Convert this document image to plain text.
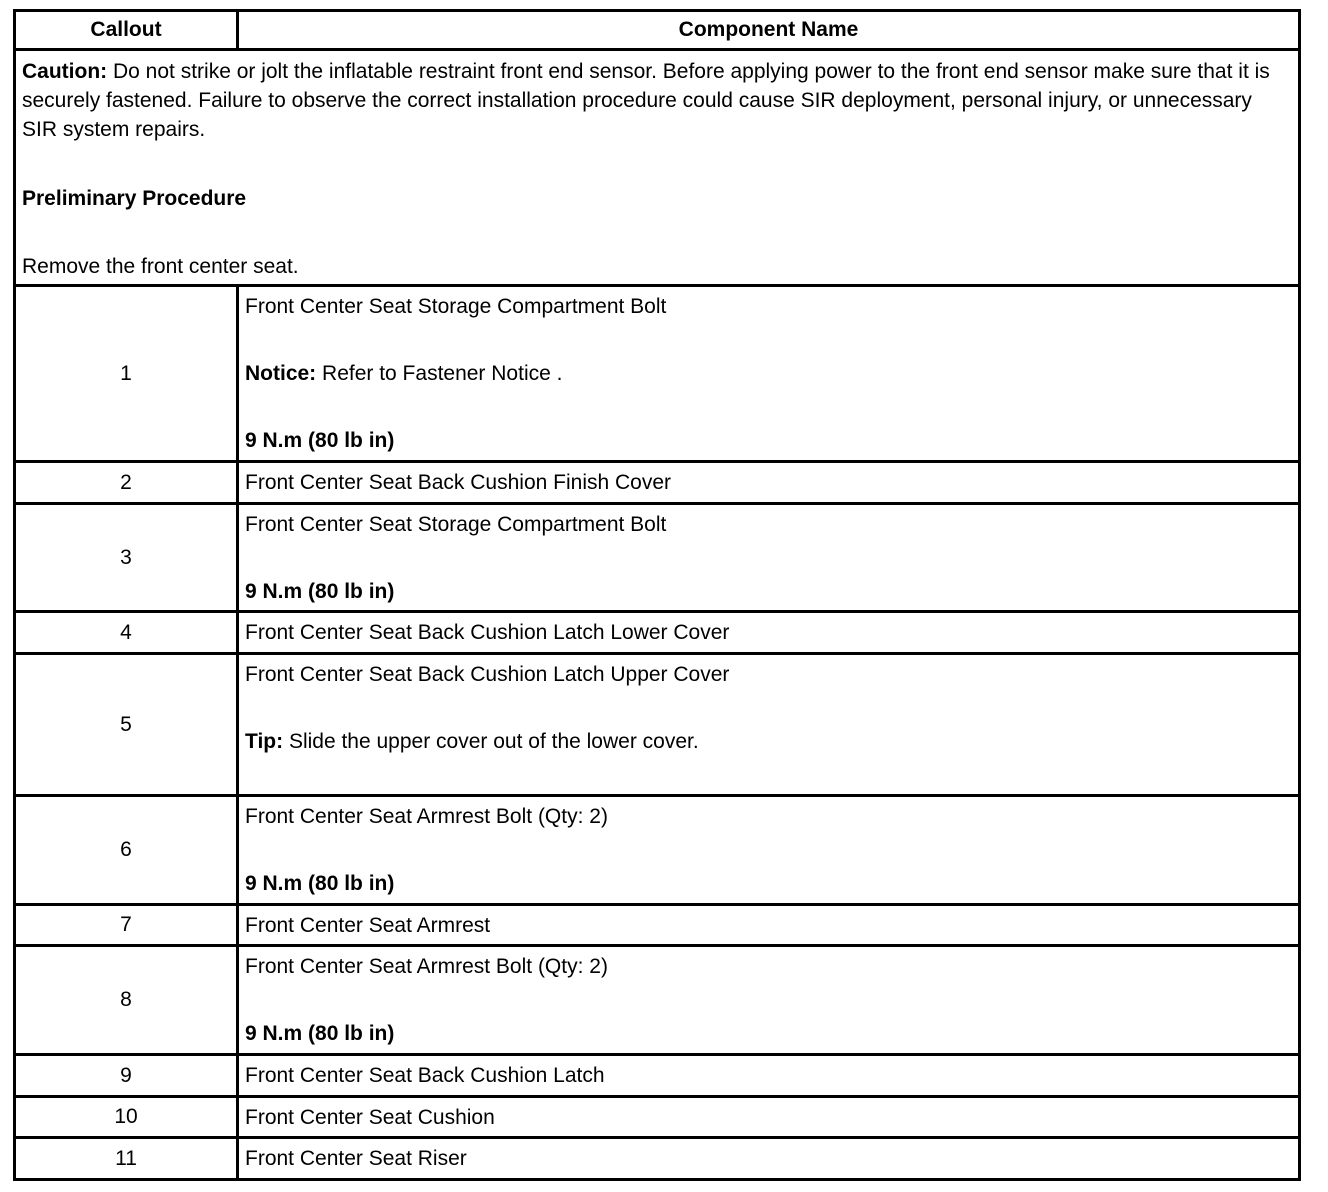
Callout	Component Name

Caution: Do not strike or jolt the inflatable restraint front end sensor. Before applying power to the front end sensor make sure that it is securely fastened. Failure to observe the correct installation procedure could cause SIR deployment, personal injury, or unnecessary SIR system repairs.
Preliminary Procedure
Remove the front center seat.	

1	Front Center Seat Storage Compartment Bolt
Notice: Refer to Fastener Notice .
9 N.m (80 lb in)

2	Front Center Seat Back Cushion Finish Cover

3	Front Center Seat Storage Compartment Bolt
9 N.m (80 lb in)

4	Front Center Seat Back Cushion Latch Lower Cover

5	Front Center Seat Back Cushion Latch Upper Cover
Tip: Slide the upper cover out of the lower cover.

6	Front Center Seat Armrest Bolt (Qty: 2)
9 N.m (80 lb in)

7	Front Center Seat Armrest

8	Front Center Seat Armrest Bolt (Qty: 2)
9 N.m (80 lb in)

9	Front Center Seat Back Cushion Latch

10	Front Center Seat Cushion

11	Front Center Seat Riser
